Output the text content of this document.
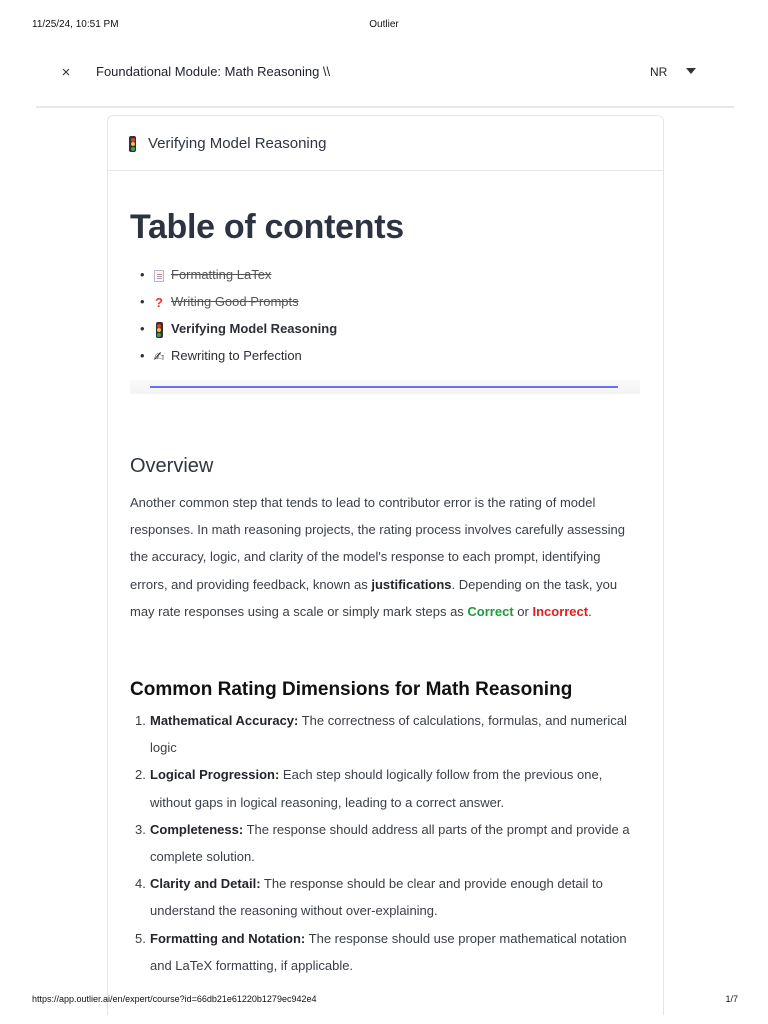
11/25/24, 10:51 PM	Outlier
×	Foundational Module: Math Reasoning \\	NR
Verifying Model Reasoning
Table of contents
• Formatting LaTex
• ? Writing Good Prompts
• Verifying Model Reasoning
• ✍ Rewriting to Perfection
Overview

Another common step that tends to lead to contributor error is the rating of model responses. In math reasoning projects, the rating process involves carefully assessing the accuracy, logic, and clarity of the model's response to each prompt, identifying errors, and providing feedback, known as justifications. Depending on the task, you may rate responses using a scale or simply mark steps as Correct or Incorrect.

Common Rating Dimensions for Math Reasoning
1. Mathematical Accuracy: The correctness of calculations, formulas, and numerical logic
2. Logical Progression: Each step should logically follow from the previous one, without gaps in logical reasoning, leading to a correct answer.
3. Completeness: The response should address all parts of the prompt and provide a complete solution.
4. Clarity and Detail: The response should be clear and provide enough detail to understand the reasoning without over-explaining.
5. Formatting and Notation: The response should use proper mathematical notation and LaTeX formatting, if applicable.
https://app.outlier.ai/en/expert/course?id=66db21e61220b1279ec942e4	1/7
